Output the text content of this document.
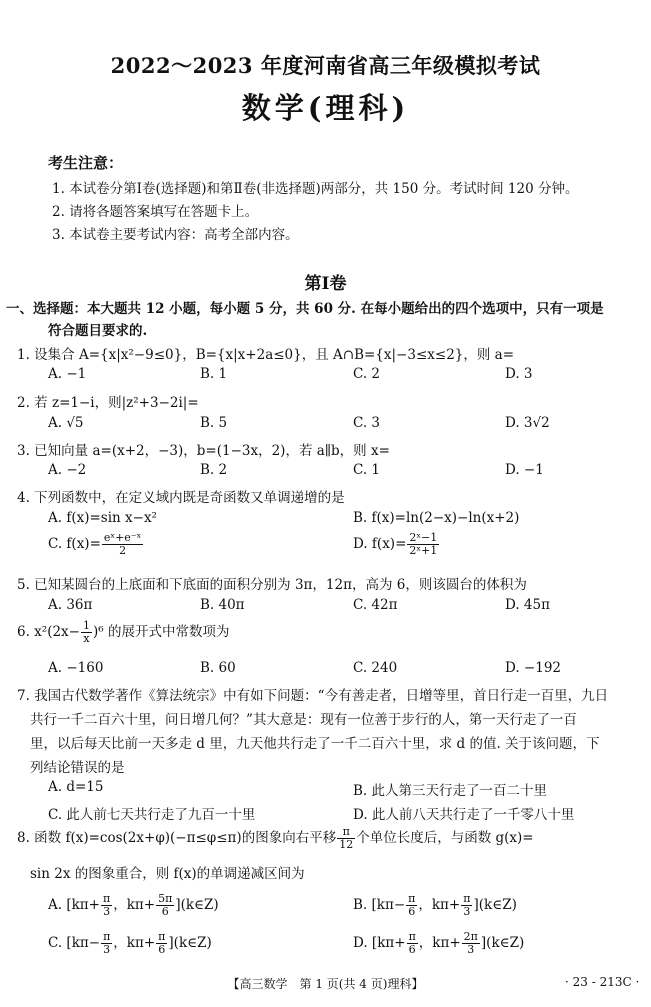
2022～2023 年度河南省高三年级模拟考试
数学(理科)
考生注意：
1. 本试卷分第Ⅰ卷(选择题)和第Ⅱ卷(非选择题)两部分，共 150 分。考试时间 120 分钟。
2. 请将各题答案填写在答题卡上。
3. 本试卷主要考试内容：高考全部内容。
第Ⅰ卷
一、选择题：本大题共 12 小题，每小题 5 分，共 60 分. 在每小题给出的四个选项中，只有一项是
符合题目要求的.
1. 设集合 A={x|x²−9≤0}，B={x|x+2a≤0}，且 A∩B={x|−3≤x≤2}，则 a=
A. −1	B. 1	C. 2	D. 3
2. 若 z=1−i，则|z²+3−2i|=
A. √5	B. 5	C. 3	D. 3√2
3. 已知向量 a=(x+2，−3)，b=(1−3x，2)，若 a∥b，则 x=
A. −2	B. 2	C. 1	D. −1
4. 下列函数中，在定义域内既是奇函数又单调递增的是
A. f(x)=sin x−x²	B. f(x)=ln(2−x)−ln(x+2)
C. $f(x)= \frac{\text{eˣ+e⁻ˣ}}{2}$	D. $f(x)= \frac{\text{2ˣ−1}}{\text{2ˣ+1}}$
5. 已知某圆台的上底面和下底面的面积分别为 3π，12π，高为 6，则该圆台的体积为
A. 36π	B. 40π	C. 42π	D. 45π
6. $x^2(2x- \frac{1}{x} )^6$ 的展开式中常数项为
A. −160	B. 60	C. 240	D. −192
7. 我国古代数学著作《算法统宗》中有如下问题：“今有善走者，日增等里，首日行走一百里，九日
共行一千二百六十里，问日增几何？”其大意是：现有一位善于步行的人，第一天行走了一百
里，以后每天比前一天多走 d 里，九天他共行走了一千二百六十里，求 d 的值. 关于该问题，下
列结论错误的是
A. d=15	B. 此人第三天行走了一百二十里
C. 此人前七天共行走了九百一十里	D. 此人前八天共行走了一千零八十里
8. 函数 f(x)=cos(2x+φ)(−π≤φ≤π)的图象向右平移 $\frac{\pi}{12}$ 个单位长度后，与函数 g(x)=
sin 2x 的图象重合，则 f(x)的单调递减区间为
A. [$k\pi+ \frac{\pi}{3}$ ，$k\pi+ \frac{5\pi}{6}$ ](k∈Z)	B. [$k\pi- \frac{\pi}{6}$ ，$k\pi+ \frac{\pi}{3}$ ](k∈Z)
C. [$k\pi- \frac{\pi}{3}$ ，$k\pi+ \frac{\pi}{6}$ ](k∈Z)	D. [$k\pi+ \frac{\pi}{6}$ ，$k\pi+ \frac{2\pi}{3}$ ](k∈Z)
【高三数学　第 1 页(共 4 页)理科】	· 23 - 213C ·
